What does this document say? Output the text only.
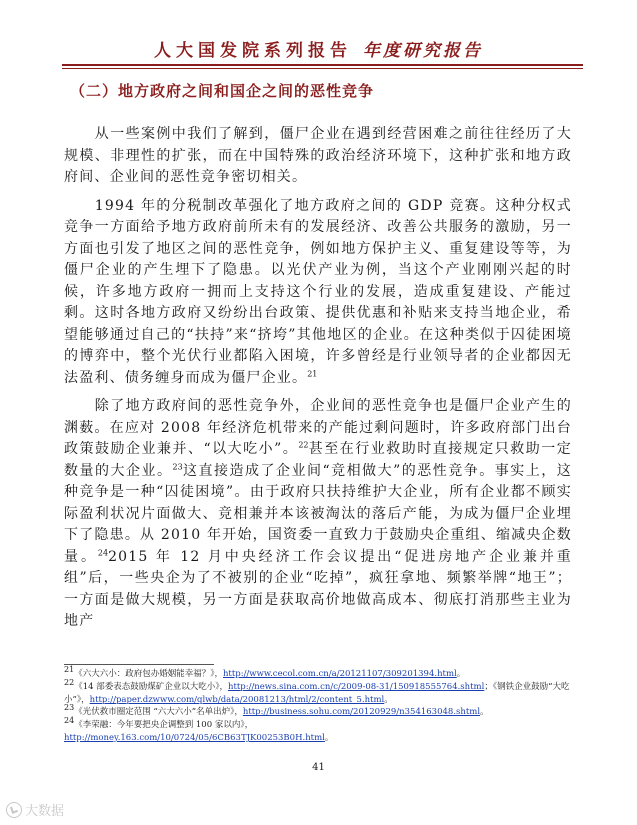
人大国发院系列报告 年度研究报告
（二）地方政府之间和国企之间的恶性竞争

从一些案例中我们了解到，僵尸企业在遇到经营困难之前往往经历了大规模、非理性的扩张，而在中国特殊的政治经济环境下，这种扩张和地方政府间、企业间的恶性竞争密切相关。

1994 年的分税制改革强化了地方政府之间的 GDP 竞赛。这种分权式竞争一方面给予地方政府前所未有的发展经济、改善公共服务的激励，另一方面也引发了地区之间的恶性竞争，例如地方保护主义、重复建设等等，为僵尸企业的产生埋下了隐患。以光伏产业为例，当这个产业刚刚兴起的时候，许多地方政府一拥而上支持这个行业的发展，造成重复建设、产能过剩。这时各地方政府又纷纷出台政策、提供优惠和补贴来支持当地企业，希望能够通过自己的“扶持”来“挤垮”其他地区的企业。在这种类似于囚徒困境的博弈中，整个光伏行业都陷入困境，许多曾经是行业领导者的企业都因无法盈利、债务缠身而成为僵尸企业。$^{21}$

除了地方政府间的恶性竞争外，企业间的恶性竞争也是僵尸企业产生的渊薮。在应对 2008 年经济危机带来的产能过剩问题时，许多政府部门出台政策鼓励企业兼并、“以大吃小”。$^{22}$甚至在行业救助时直接规定只救助一定数量的大企业。$^{23}$这直接造成了企业间“竞相做大”的恶性竞争。事实上，这种竞争是一种“囚徒困境”。由于政府只扶持维护大企业，所有企业都不顾实际盈利状况片面做大、竞相兼并本该被淘汰的落后产能，为成为僵尸企业埋下了隐患。从 2010 年开始，国资委一直致力于鼓励央企重组、缩减央企数量。$^{24}$2015 年 12 月中央经济工作会议提出“促进房地产企业兼并重组”后，一些央企为了不被别的企业“吃掉”，疯狂拿地、频繁举牌“地王”；一方面是做大规模，另一方面是获取高价地做高成本、彻底打消那些主业为地产

$^{21}$《六大六小：政府包办婚姻能幸福？》，http://www.cecol.com.cn/a/20121107/309201394.html。

$^{22}$《14 部委表态鼓励煤矿企业以大吃小》，http://news.sina.com.cn/c/2009-08-31/150918555764.shtml；《钢铁企业鼓励“大吃小”》，http://paper.dzwww.com/qlwb/data/20081213/html/2/content_5.html。

$^{23}$《光伏救市圈定范围 “六大六小”名单出炉》，http://business.sohu.com/20120929/n354163048.shtml。

$^{24}$《李荣融：今年要把央企调整到 100 家以内》，
http://money.163.com/10/0724/05/6CB63TJK00253B0H.html。

41
大数据
